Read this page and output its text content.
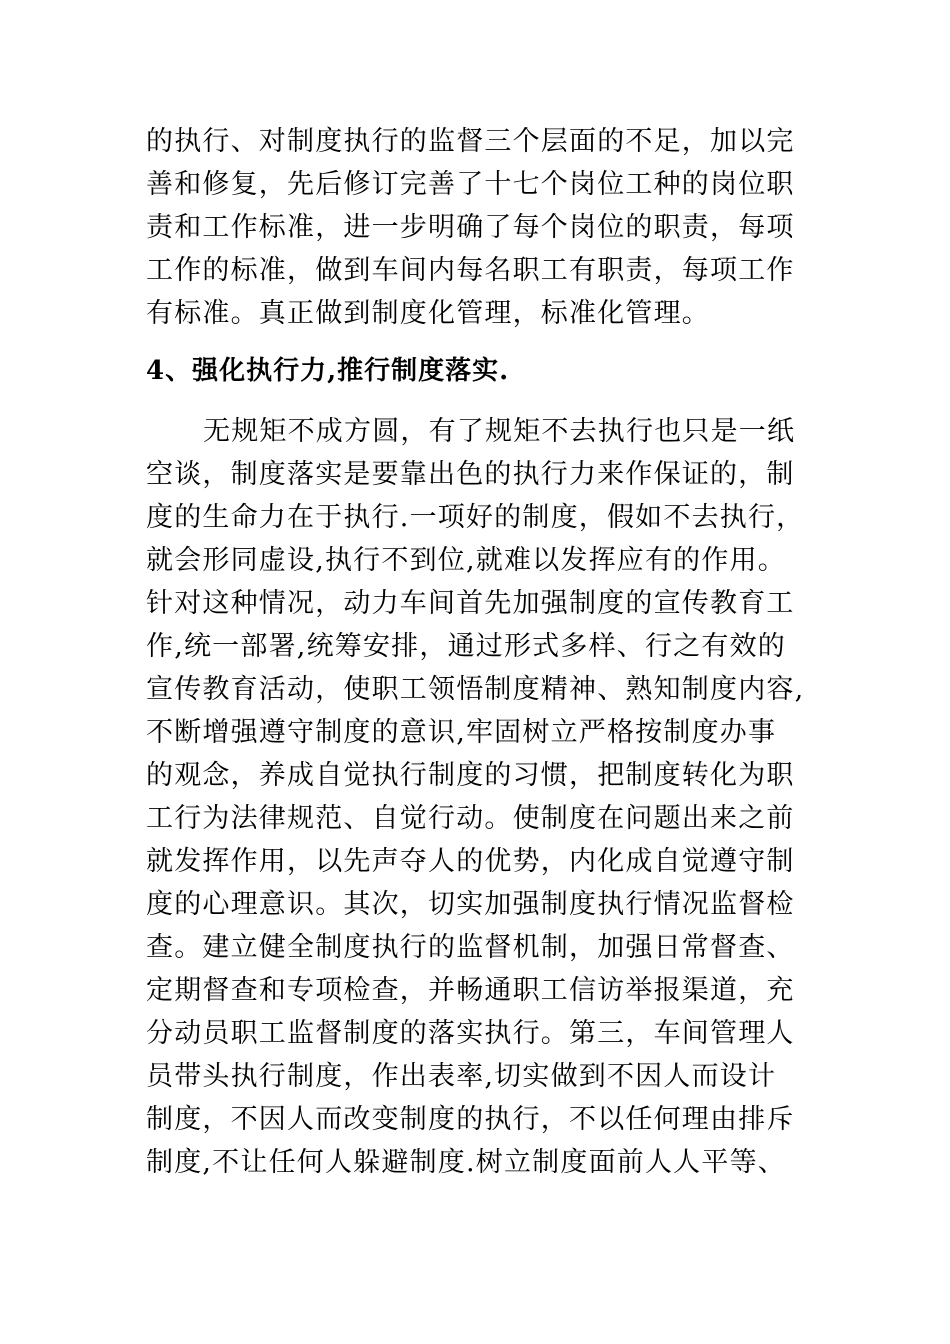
的执行、对制度执行的监督三个层面的不足，加以完
善和修复，先后修订完善了十七个岗位工种的岗位职
责和工作标准，进一步明确了每个岗位的职责，每项
工作的标准，做到车间内每名职工有职责，每项工作
有标准。真正做到制度化管理，标准化管理。
4、强化执行力,推行制度落实.
无规矩不成方圆，有了规矩不去执行也只是一纸
空谈，制度落实是要靠出色的执行力来作保证的，制
度的生命力在于执行.一项好的制度，假如不去执行，
就会形同虚设,执行不到位,就难以发挥应有的作用。
针对这种情况，动力车间首先加强制度的宣传教育工
作,统一部署,统筹安排，通过形式多样、行之有效的
宣传教育活动，使职工领悟制度精神、熟知制度内容,
不断增强遵守制度的意识,牢固树立严格按制度办事
的观念，养成自觉执行制度的习惯，把制度转化为职
工行为法律规范、自觉行动。使制度在问题出来之前
就发挥作用，以先声夺人的优势，内化成自觉遵守制
度的心理意识。其次，切实加强制度执行情况监督检
查。建立健全制度执行的监督机制，加强日常督查、
定期督查和专项检查，并畅通职工信访举报渠道，充
分动员职工监督制度的落实执行。第三，车间管理人
员带头执行制度，作出表率,切实做到不因人而设计
制度，不因人而改变制度的执行，不以任何理由排斥
制度,不让任何人躲避制度.树立制度面前人人平等、
